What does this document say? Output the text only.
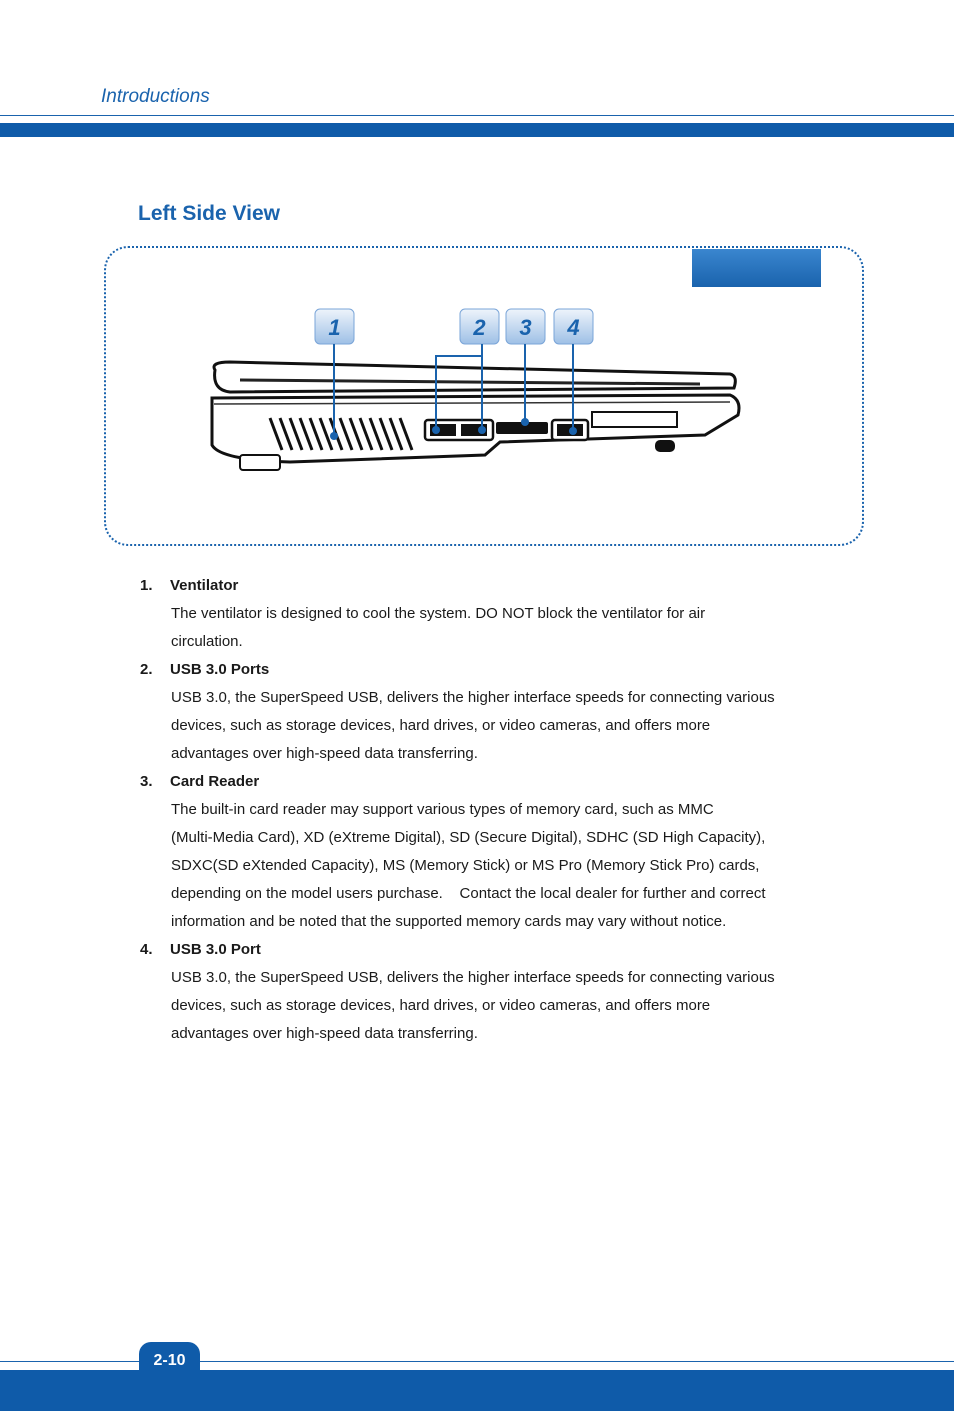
Introductions
Left Side View
1	2 3 4

1. Ventilator

The ventilator is designed to cool the system. DO NOT block the ventilator for air

circulation.

2. USB 3.0 Ports

USB 3.0, the SuperSpeed USB, delivers the higher interface speeds for connecting various

devices, such as storage devices, hard drives, or video cameras, and offers more

advantages over high-speed data transferring.

3. Card Reader

The built-in card reader may support various types of memory card, such as MMC

(Multi-Media Card), XD (eXtreme Digital), SD (Secure Digital), SDHC (SD High Capacity),

SDXC(SD eXtended Capacity), MS (Memory Stick) or MS Pro (Memory Stick Pro) cards,

depending on the model users purchase.    Contact the local dealer for further and correct

information and be noted that the supported memory cards may vary without notice.

4. USB 3.0 Port

USB 3.0, the SuperSpeed USB, delivers the higher interface speeds for connecting various

devices, such as storage devices, hard drives, or video cameras, and offers more

advantages over high-speed data transferring.

2-10
